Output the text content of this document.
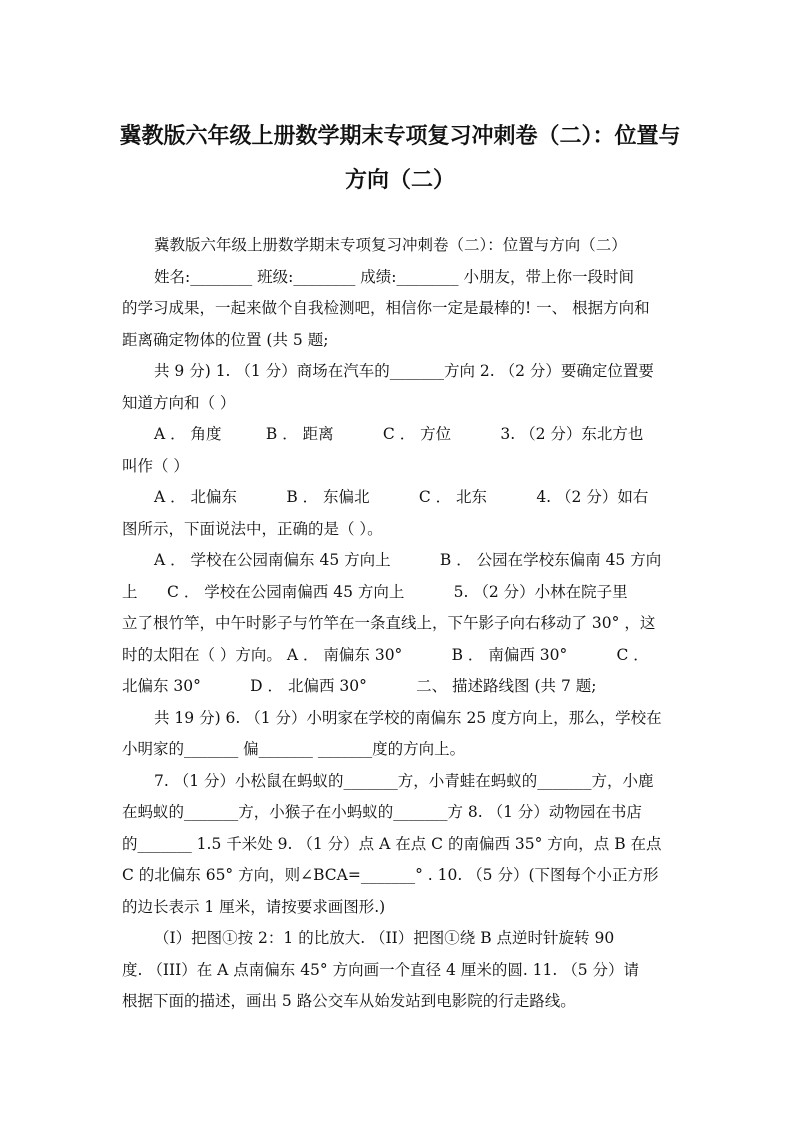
冀教版六年级上册数学期末专项复习冲刺卷（二）：位置与
方向（二）
冀教版六年级上册数学期末专项复习冲刺卷（二）：位置与方向（二）
姓名:________ 班级:________ 成绩:________ 小朋友，带上你一段时间
的学习成果，一起来做个自我检测吧，相信你一定是最棒的! 一、 根据方向和
距离确定物体的位置 (共 5 题;
共 9 分) 1. （1 分）商场在汽车的_______方向 2. （2 分）要确定位置要
知道方向和（ ）
A ． 角度         B ． 距离          C ． 方位          3. （2 分）东北方也
叫作（ ）
A ． 北偏东          B ． 东偏北          C ． 北东          4. （2 分）如右
图所示，下面说法中，正确的是（ ）。
A ． 学校在公园南偏东 45 方向上          B ． 公园在学校东偏南 45 方向
上      C ． 学校在公园南偏西 45 方向上          5. （2 分）小林在院子里
立了根竹竿，中午时影子与竹竿在一条直线上，下午影子向右移动了 30° ，这
时的太阳在（ ）方向。 A ． 南偏东 30°          B ． 南偏西 30°          C ．
北偏东 30°          D ． 北偏西 30°          二、 描述路线图 (共 7 题;
共 19 分) 6. （1 分）小明家在学校的南偏东 25 度方向上，那么，学校在
小明家的_______ 偏_______ _______度的方向上。
7. （1 分）小松鼠在蚂蚁的_______方，小青蛙在蚂蚁的_______方，小鹿
在蚂蚁的_______方，小猴子在小蚂蚁的_______方 8. （1 分）动物园在书店
的_______ 1.5 千米处 9. （1 分）点 A 在点 C 的南偏西 35° 方向，点 B 在点
C 的北偏东 65° 方向，则∠BCA=_______° . 10. （5 分）(下图每个小正方形
的边长表示 1 厘米，请按要求画图形.)
（I）把图①按 2：1 的比放大. （II）把图①绕 B 点逆时针旋转 90
度. （III）在 A 点南偏东 45° 方向画一个直径 4 厘米的圆. 11. （5 分）请
根据下面的描述，画出 5 路公交车从始发站到电影院的行走路线。
